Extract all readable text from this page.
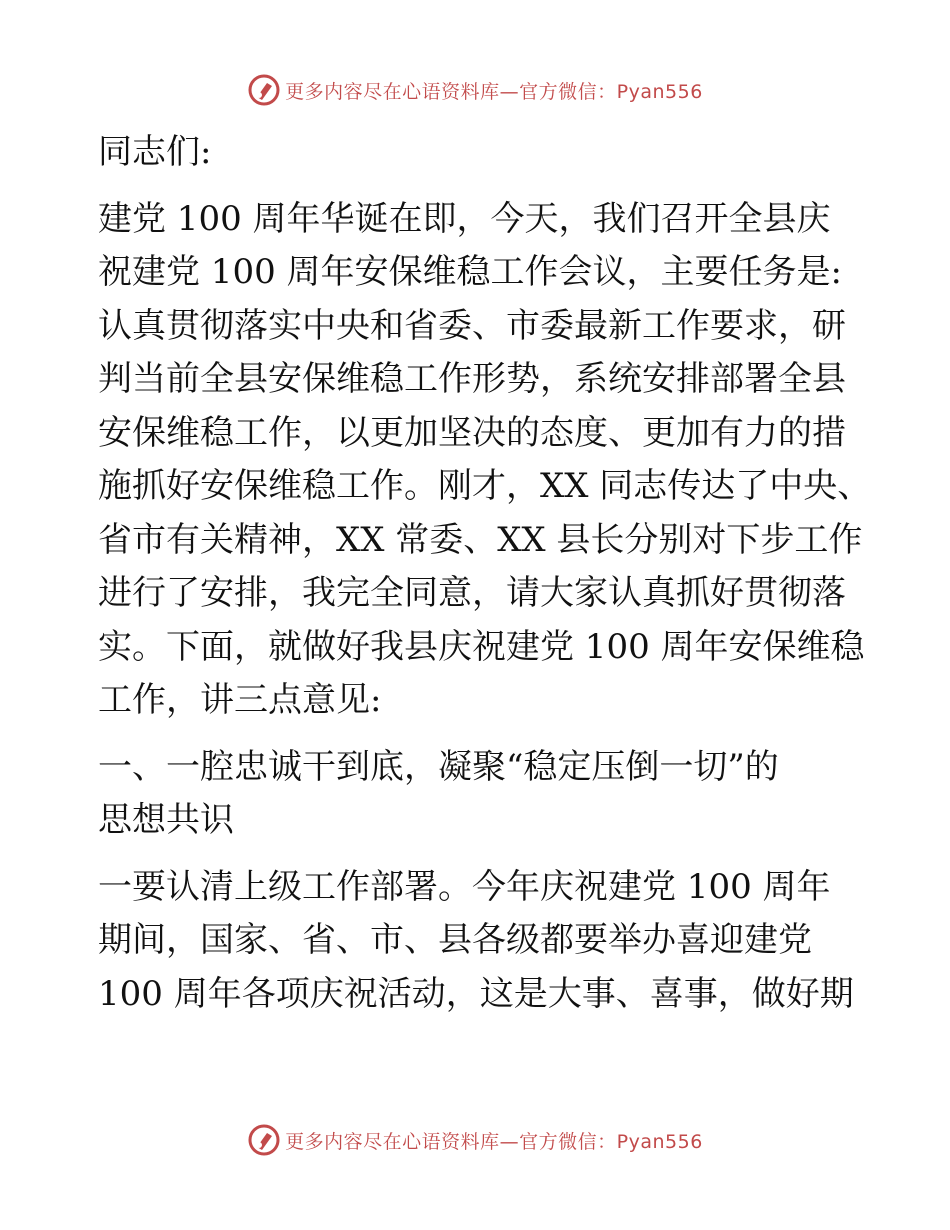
更多内容尽在心语资料库—官方微信：Pyan556
同志们:
建党 100 周年华诞在即，今天，我们召开全县庆
祝建党 100 周年安保维稳工作会议，主要任务是:
认真贯彻落实中央和省委、市委最新工作要求，研
判当前全县安保维稳工作形势，系统安排部署全县
安保维稳工作，以更加坚决的态度、更加有力的措
施抓好安保维稳工作。刚才，XX 同志传达了中央、
省市有关精神，XX 常委、XX 县长分别对下步工作
进行了安排，我完全同意，请大家认真抓好贯彻落
实。下面，就做好我县庆祝建党 100 周年安保维稳
工作，讲三点意见:
一、一腔忠诚干到底，凝聚“稳定压倒一切”的
思想共识
一要认清上级工作部署。今年庆祝建党 100 周年
期间，国家、省、市、县各级都要举办喜迎建党
100 周年各项庆祝活动，这是大事、喜事，做好期
更多内容尽在心语资料库—官方微信：Pyan556
